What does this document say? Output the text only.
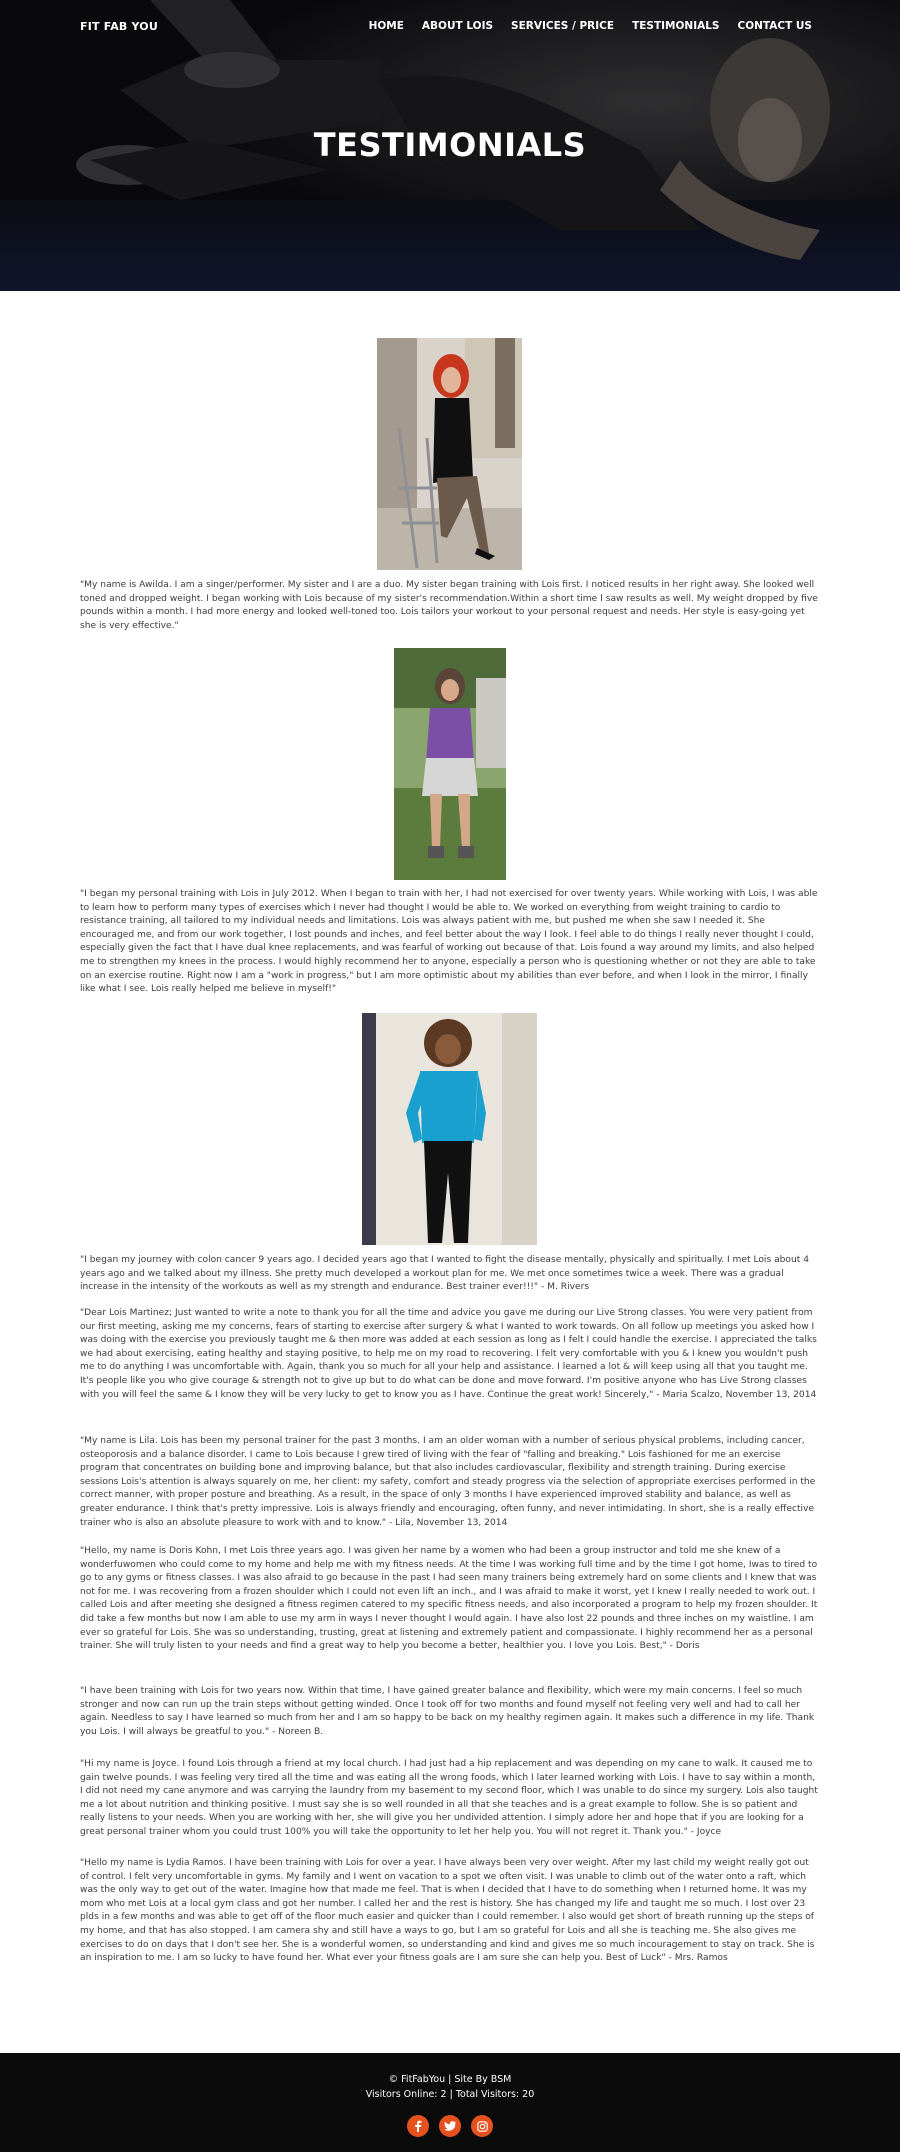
FIT FAB YOU	HOME ABOUT LOIS SERVICES / PRICE TESTIMONIALS CONTACT US
TESTIMONIALS

"My name is Awilda. I am a singer/performer. My sister and I are a duo. My sister began training with Lois first. I noticed results in her right away. She looked well toned and dropped weight. I began working with Lois because of my sister's recommendation.Within a short time I saw results as well. My weight dropped by five pounds within a month. I had more energy and looked well-toned too. Lois tailors your workout to your personal request and needs. Her style is easy-going yet she is very effective."

"I began my personal training with Lois in July 2012. When I began to train with her, I had not exercised for over twenty years. While working with Lois, I was able to learn how to perform many types of exercises which I never had thought I would be able to. We worked on everything from weight training to cardio to resistance training, all tailored to my individual needs and limitations. Lois was always patient with me, but pushed me when she saw I needed it. She encouraged me, and from our work together, I lost pounds and inches, and feel better about the way I look. I feel able to do things I really never thought I could, especially given the fact that I have dual knee replacements, and was fearful of working out because of that. Lois found a way around my limits, and also helped me to strengthen my knees in the process. I would highly recommend her to anyone, especially a person who is questioning whether or not they are able to take on an exercise routine. Right now I am a "work in progress," but I am more optimistic about my abilities than ever before, and when I look in the mirror, I finally like what I see. Lois really helped me believe in myself!"

"I began my journey with colon cancer 9 years ago. I decided years ago that I wanted to fight the disease mentally, physically and spiritually. I met Lois about 4 years ago and we talked about my illness. She pretty much developed a workout plan for me. We met once sometimes twice a week. There was a gradual increase in the intensity of the workouts as well as my strength and endurance. Best trainer ever!!!" - M. Rivers

"Dear Lois Martinez; Just wanted to write a note to thank you for all the time and advice you gave me during our Live Strong classes. You were very patient from our first meeting, asking me my concerns, fears of starting to exercise after surgery & what I wanted to work towards. On all follow up meetings you asked how I was doing with the exercise you previously taught me & then more was added at each session as long as I felt I could handle the exercise. I appreciated the talks we had about exercising, eating healthy and staying positive, to help me on my road to recovering. I felt very comfortable with you & I knew you wouldn't push me to do anything I was uncomfortable with. Again, thank you so much for all your help and assistance. I learned a lot & will keep using all that you taught me. It's people like you who give courage & strength not to give up but to do what can be done and move forward. I'm positive anyone who has Live Strong classes with you will feel the same & I know they will be very lucky to get to know you as I have. Continue the great work! Sincerely," - Maria Scalzo, November 13, 2014

"My name is Lila. Lois has been my personal trainer for the past 3 months. I am an older woman with a number of serious physical problems, including cancer, osteoporosis and a balance disorder. I came to Lois because I grew tired of living with the fear of "falling and breaking." Lois fashioned for me an exercise program that concentrates on building bone and improving balance, but that also includes cardiovascular, flexibility and strength training. During exercise sessions Lois's attention is always squarely on me, her client: my safety, comfort and steady progress via the selection of appropriate exercises performed in the correct manner, with proper posture and breathing. As a result, in the space of only 3 months I have experienced improved stability and balance, as well as greater endurance. I think that's pretty impressive. Lois is always friendly and encouraging, often funny, and never intimidating. In short, she is a really effective trainer who is also an absolute pleasure to work with and to know." - Lila, November 13, 2014

"Hello, my name is Doris Kohn, I met Lois three years ago. I was given her name by a women who had been a group instructor and told me she knew of a wonderfuwomen who could come to my home and help me with my fitness needs. At the time I was working full time and by the time I got home, Iwas to tired to go to any gyms or fitness classes. I was also afraid to go because in the past I had seen many trainers being extremely hard on some clients and I knew that was not for me. I was recovering from a frozen shoulder which I could not even lift an inch., and I was afraid to make it worst, yet I knew I really needed to work out. I called Lois and after meeting she designed a fitness regimen catered to my specific fitness needs, and also incorporated a program to help my frozen shoulder. It did take a few months but now I am able to use my arm in ways I never thought I would again. I have also lost 22 pounds and three inches on my waistline. I am ever so grateful for Lois. She was so understanding, trusting, great at listening and extremely patient and compassionate. I highly recommend her as a personal trainer. She will truly listen to your needs and find a great way to help you become a better, healthier you. I love you Lois. Best," - Doris

"I have been training with Lois for two years now. Within that time, I have gained greater balance and flexibility, which were my main concerns. I feel so much stronger and now can run up the train steps without getting winded. Once I took off for two months and found myself not feeling very well and had to call her again. Needless to say I have learned so much from her and I am so happy to be back on my healthy regimen again. It makes such a difference in my life. Thank you Lois. I will always be greatful to you." - Noreen B.

"Hi my name is Joyce. I found Lois through a friend at my local church. I had just had a hip replacement and was depending on my cane to walk. It caused me to gain twelve pounds. I was feeling very tired all the time and was eating all the wrong foods, which I later learned working with Lois. I have to say within a month, I did not need my cane anymore and was carrying the laundry from my basement to my second floor, which I was unable to do since my surgery. Lois also taught me a lot about nutrition and thinking positive. I must say she is so well rounded in all that she teaches and is a great example to follow. She is so patient and really listens to your needs. When you are working with her, she will give you her undivided attention. I simply adore her and hope that if you are looking for a great personal trainer whom you could trust 100% you will take the opportunity to let her help you. You will not regret it. Thank you." - Joyce

"Hello my name is Lydia Ramos. I have been training with Lois for over a year. I have always been very over weight. After my last child my weight really got out of control. I felt very uncomfortable in gyms. My family and I went on vacation to a spot we often visit. I was unable to climb out of the water onto a raft, which was the only way to get out of the water. Imagine how that made me feel. That is when I decided that I have to do something when I returned home. It was my mom who met Lois at a local gym class and got her number. I called her and the rest is history. She has changed my life and taught me so much. I lost over 23 plds in a few months and was able to get off of the floor much easier and quicker than I could remember. I also would get short of breath running up the steps of my home, and that has also stopped. I am camera shy and still have a ways to go, but I am so grateful for Lois and all she is teaching me. She also gives me exercises to do on days that I don't see her. She is a wonderful women, so understanding and kind and gives me so much incouragement to stay on track. She is an inspiration to me. I am so lucky to have found her. What ever your fitness goals are I am sure she can help you. Best of Luck" - Mrs. Ramos

© FitFabYou | Site By BSM
Visitors Online: 2 | Total Visitors: 20
